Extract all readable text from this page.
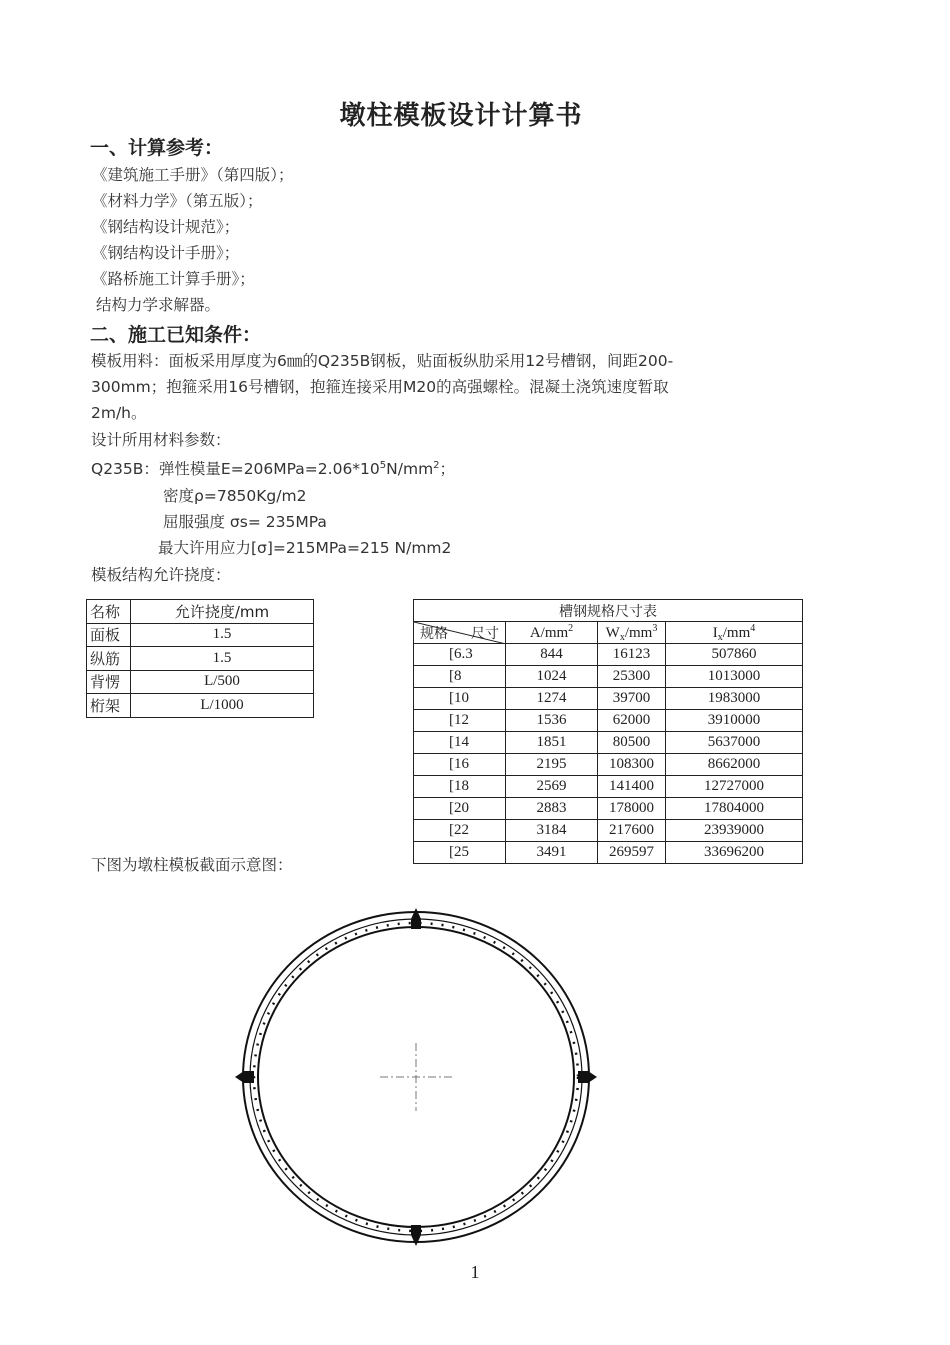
墩柱模板设计计算书
一、计算参考：
《建筑施工手册》（第四版）；
《材料力学》（第五版）；
《钢结构设计规范》；
《钢结构设计手册》；
《路桥施工计算手册》；
结构力学求解器。
二、施工已知条件：
模板用料：面板采用厚度为6㎜的Q235B钢板，贴面板纵肋采用12号槽钢，间距200-
300mm；抱箍采用16号槽钢，抱箍连接采用M20的高强螺栓。混凝土浇筑速度暂取
2m/h。
设计所用材料参数：
Q235B：弹性模量$E=206MPa=2.06*10^5N/mm^2$；
密度ρ=7850Kg/m2
屈服强度 σs= 235MPa
最大许用应力[σ]=215MPa=215 N/mm2
模板结构允许挠度：
名称	允许挠度/mm
面板	1.5
纵筋	1.5
背愣	L/500
桁架	L/1000
槽钢规格尺寸表			

规格 尺寸	$A/mm^2$	$W_x/mm^3$	$I_x/mm^4$
[6.3	844	16123	507860
[8	1024	25300	1013000
[10	1274	39700	1983000
[12	1536	62000	3910000
[14	1851	80500	5637000
[16	2195	108300	8662000
[18	2569	141400	12727000
[20	2883	178000	17804000
[22	3184	217600	23939000
[25	3491	269597	33696200
下图为墩柱模板截面示意图：
1
